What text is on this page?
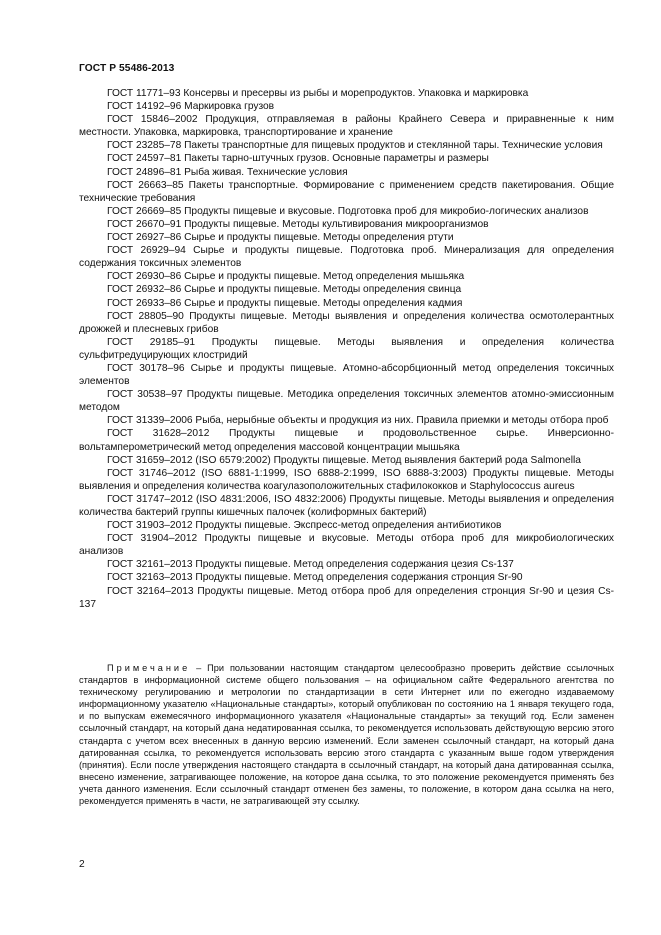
ГОСТ Р 55486-2013

ГОСТ 11771–93 Консервы и пресервы из рыбы и морепродуктов. Упаковка и маркировка

ГОСТ 14192–96 Маркировка грузов

ГОСТ 15846–2002 Продукция, отправляемая в районы Крайнего Севера и приравненные к ним местности. Упаковка, маркировка, транспортирование и хранение

ГОСТ 23285–78 Пакеты транспортные для пищевых продуктов и стеклянной тары. Технические условия

ГОСТ 24597–81 Пакеты тарно-штучных грузов. Основные параметры и размеры

ГОСТ 24896–81 Рыба живая. Технические условия

ГОСТ 26663–85 Пакеты транспортные. Формирование с применением средств пакетирования. Общие технические требования

ГОСТ 26669–85 Продукты пищевые и вкусовые. Подготовка проб для микробио-логических анализов

ГОСТ 26670–91 Продукты пищевые. Методы культивирования микроорганизмов

ГОСТ 26927–86 Сырье и продукты пищевые. Методы определения ртути

ГОСТ 26929–94 Сырье и продукты пищевые. Подготовка проб. Минерализация для определения содержания токсичных элементов

ГОСТ 26930–86 Сырье и продукты пищевые. Метод определения мышьяка

ГОСТ 26932–86 Сырье и продукты пищевые. Методы определения свинца

ГОСТ 26933–86 Сырье и продукты пищевые. Методы определения кадмия

ГОСТ 28805–90 Продукты пищевые. Методы выявления и определения количества осмотолерантных дрожжей и плесневых грибов

ГОСТ 29185–91 Продукты пищевые. Методы выявления и определения количества сульфитредуцирующих клостридий

ГОСТ 30178–96 Сырье и продукты пищевые. Атомно-абсорбционный метод определения токсичных элементов

ГОСТ 30538–97 Продукты пищевые. Методика определения токсичных элементов атомно-эмиссионным методом

ГОСТ 31339–2006 Рыба, нерыбные объекты и продукция из них. Правила приемки и методы отбора проб

ГОСТ 31628–2012 Продукты пищевые и продовольственное сырье. Инверсионно-вольтамперометрический метод определения массовой концентрации мышьяка

ГОСТ 31659–2012 (ISO 6579:2002) Продукты пищевые. Метод выявления бактерий рода Salmonella

ГОСТ 31746–2012 (ISO 6881-1:1999, ISO 6888-2:1999, ISO 6888-3:2003) Продукты пищевые. Методы выявления и определения количества коагулазоположительных стафилококков и Staphylococcus aureus

ГОСТ 31747–2012 (ISO 4831:2006, ISO 4832:2006) Продукты пищевые. Методы выявления и определения количества бактерий группы кишечных палочек (колиформных бактерий)

ГОСТ 31903–2012 Продукты пищевые. Экспресс-метод определения антибиотиков

ГОСТ 31904–2012 Продукты пищевые и вкусовые. Методы отбора проб для микробиологических анализов

ГОСТ 32161–2013 Продукты пищевые. Метод определения содержания цезия Cs-137

ГОСТ 32163–2013 Продукты пищевые. Метод определения содержания стронция Sr-90

ГОСТ 32164–2013 Продукты пищевые. Метод отбора проб для определения стронция Sr-90 и цезия Cs-137

Примечание – При пользовании настоящим стандартом целесообразно проверить действие ссылочных стандартов в информационной системе общего пользования – на официальном сайте Федерального агентства по техническому регулированию и метрологии по стандартизации в сети Интернет или по ежегодно издаваемому информационному указателю «Национальные стандарты», который опубликован по состоянию на 1 января текущего года, и по выпускам ежемесячного информационного указателя «Национальные стандарты» за текущий год. Если заменен ссылочный стандарт, на который дана недатированная ссылка, то рекомендуется использовать действующую версию этого стандарта с учетом всех внесенных в данную версию изменений. Если заменен ссылочный стандарт, на который дана датированная ссылка, то рекомендуется использовать версию этого стандарта с указанным выше годом утверждения (принятия). Если после утверждения настоящего стандарта в ссылочный стандарт, на который дана датированная ссылка, внесено изменение, затрагивающее положение, на которое дана ссылка, то это положение рекомендуется применять без учета данного изменения. Если ссылочный стандарт отменен без замены, то положение, в котором дана ссылка на него, рекомендуется применять в части, не затрагивающей эту ссылку.

2
